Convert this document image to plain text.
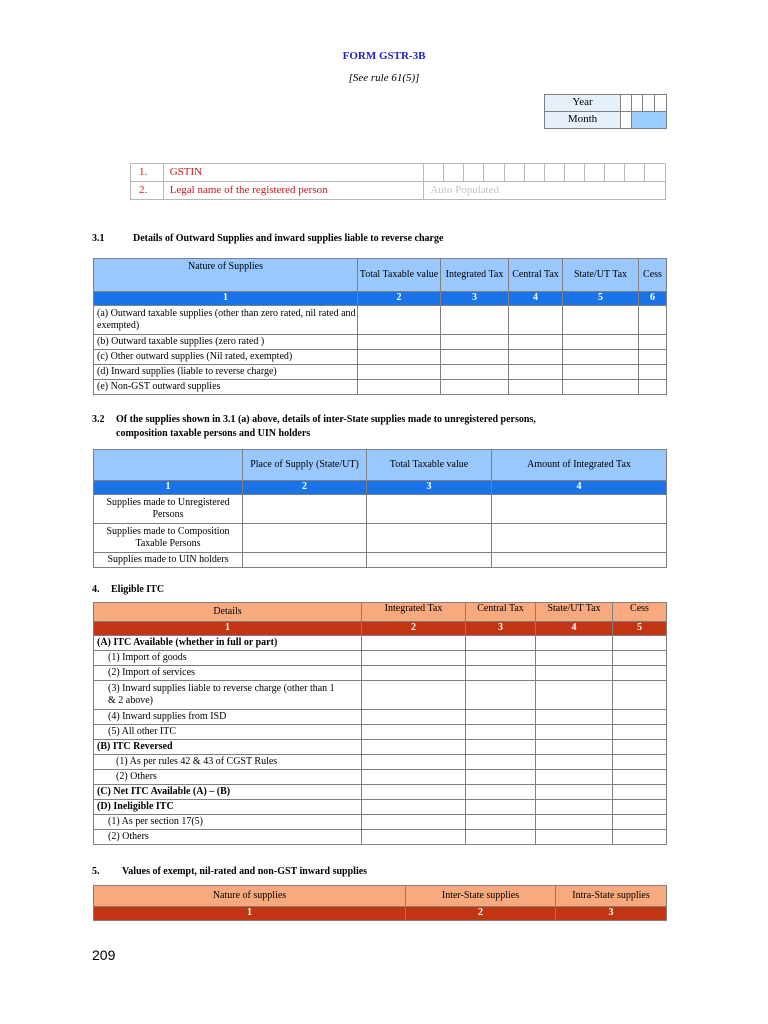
FORM GSTR-3B
[See rule 61(5)]
Year				
Month				
1.	GSTIN												
2.	Legal name of the registered person	Auto Populated											
3.1	Details of Outward Supplies and inward supplies liable to reverse charge
Nature of Supplies	Total Taxable value	Integrated Tax	Central Tax	State/UT Tax	Cess
1	2	3	4	5	6
(a) Outward taxable supplies (other than zero rated, nil rated and exempted)					
(b) Outward taxable supplies (zero rated )					
(c) Other outward supplies (Nil rated, exempted)					
(d) Inward supplies (liable to reverse charge)					
(e) Non-GST outward supplies					
3.2 Of the supplies shown in 3.1 (a) above, details of inter-State supplies made to unregistered persons,
composition taxable persons and UIN holders
	Place of Supply (State/UT)	Total Taxable value	Amount of Integrated Tax
1	2	3	4
Supplies made to Unregistered Persons			
Supplies made to Composition Taxable Persons			
Supplies made to UIN holders			
4. Eligible ITC
Details	Integrated Tax	Central Tax	State/UT Tax	Cess
1	2	3	4	5
(A) ITC Available (whether in full or part)				
(1) Import of goods				
(2) Import of services				
(3) Inward supplies liable to reverse charge (other than 1 & 2 above)				
(4) Inward supplies from ISD				
(5) All other ITC				
(B) ITC Reversed				
(1) As per rules 42 & 43 of CGST Rules				
(2) Others				
(C) Net ITC Available (A) – (B)				
(D) Ineligible ITC				
(1) As per section 17(5)				
(2) Others				
5. Values of exempt, nil-rated and non-GST inward supplies
Nature of supplies	Inter-State supplies	Intra-State supplies
1	2	3
209
